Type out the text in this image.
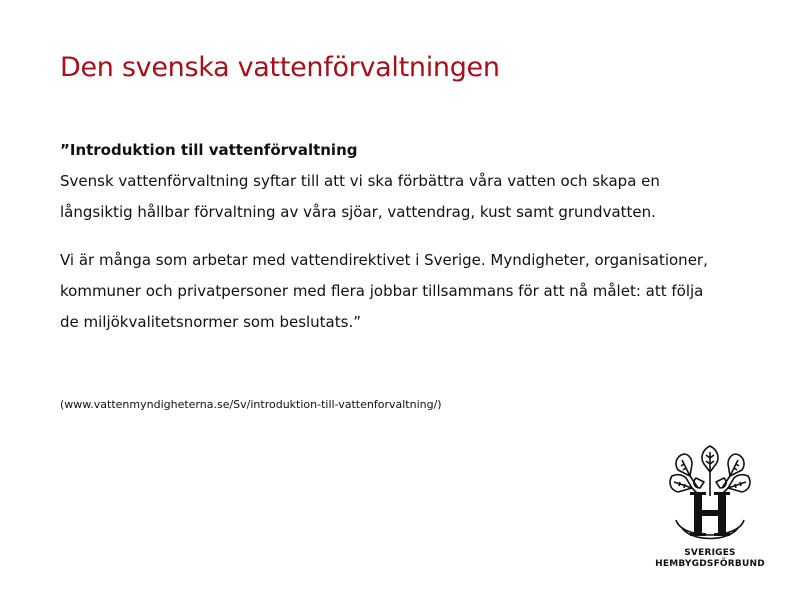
Den svenska vattenförvaltningen

”Introduktion till vattenförvaltning

Svensk vattenförvaltning syftar till att vi ska förbättra våra vatten och skapa en

långsiktig hållbar förvaltning av våra sjöar, vattendrag, kust samt grundvatten.

Vi är många som arbetar med vattendirektivet i Sverige. Myndigheter, organisationer,

kommuner och privatpersoner med flera jobbar tillsammans för att nå målet: att följa

de miljökvalitetsnormer som beslutats.”

(www.vattenmyndigheterna.se/Sv/introduktion-till-vattenforvaltning/)
SVERIGES
HEMBYGDSFÖRBUND
